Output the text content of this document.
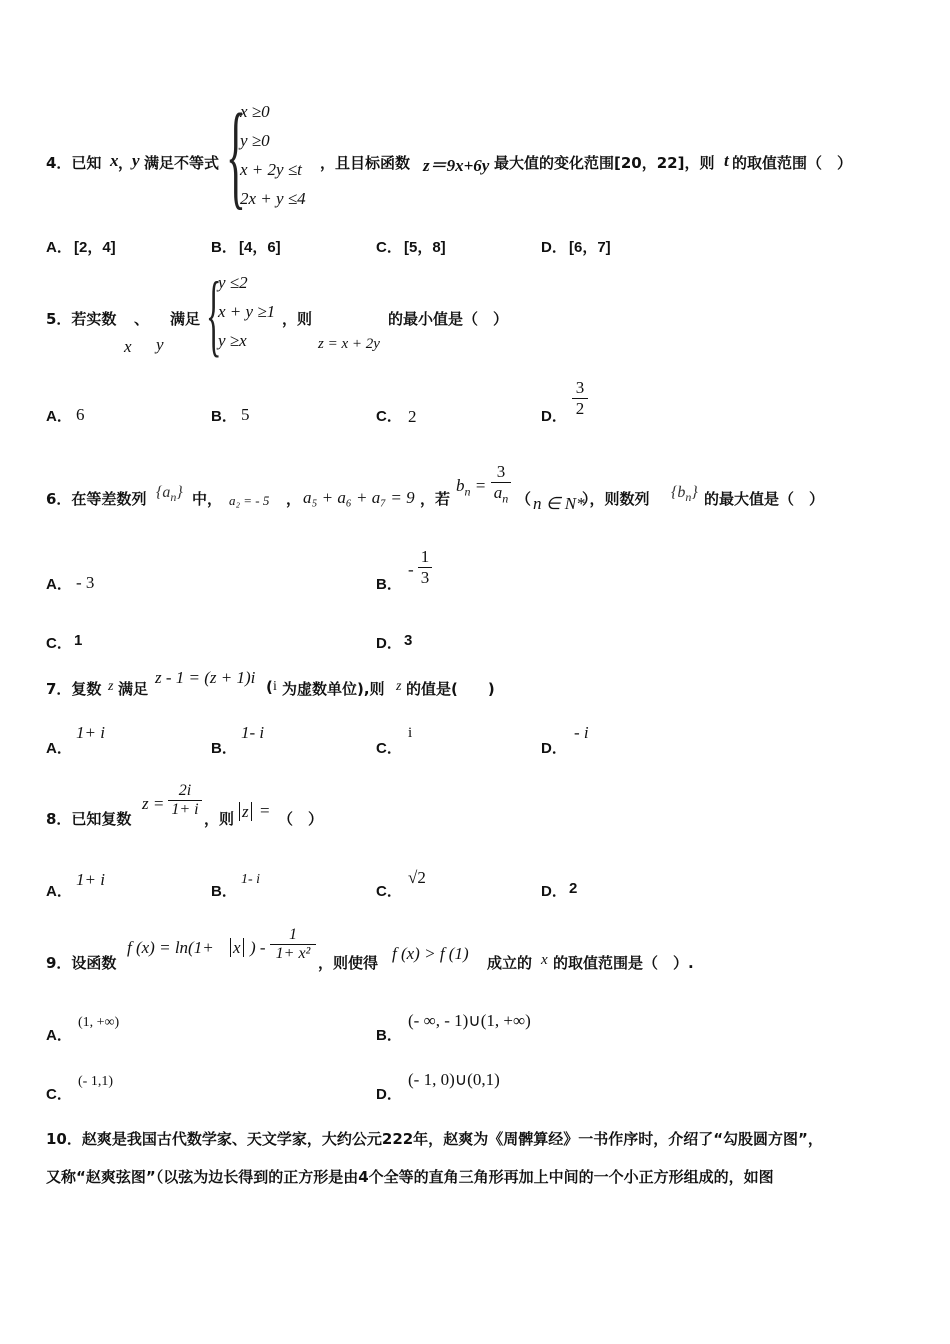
4．已知 x ，
y 满足不等式 {
x ≥0
y ≥0
x + 2y ≤t
2x + y ≤4
，且目标函数 z＝9x+6y 最大值的变化范围[20，22]，则 t 的取值范围（　）
A． [2，4]	B． [4，6]	C． [5，8]	D． [6，7]
5．若实数 、 满足
x y {
y ≤2
x + y ≥1
y ≥x
，则
z = x + 2y
的最小值是（　）
A． 6	B． 5	C． 2	D． $\frac{3}{2}$
6．在等差数列 $\{a_n\}$ 中， a₂ = - 5 ， a₅ + a₆ + a₇ = 9 ，若
$b_n = \frac{3}{a_n}$ （ n ∈ N*
），则数列 $\{b_n\}$ 的最大值是（　）
A． - 3	B．
- $\frac{1}{3}$
C． 1	D． 3
7．复数 z 满足
z - 1 = (z + 1)i ( i 为虚数单位),则 z 的值是(　　)
A．
1+ i
B．
1- i
C．
i
D．
- i
8．已知复数
$z = \frac{2i}{1+ i}$ ，则 z = （　）
A．
1+ i
B．
1- i
C．
√2
D． 2
9．设函数
f (x) = ln(1+ x ) - $\frac{1}{\text{1+ x²}}$ ，则使得 f (x) > f (1) 成立的 x 的取值范围是（　）.
A．
(1, +∞)
B．
(- ∞, - 1)∪(1, +∞)
C．
(- 1,1)
D．
(- 1, 0)∪(0,1)
10．赵爽是我国古代数学家、天文学家，大约公元222年，赵爽为《周髀算经》一书作序时，介绍了“勾股圆方图”，
又称“赵爽弦图”（以弦为边长得到的正方形是由4个全等的直角三角形再加上中间的一个小正方形组成的，如图
